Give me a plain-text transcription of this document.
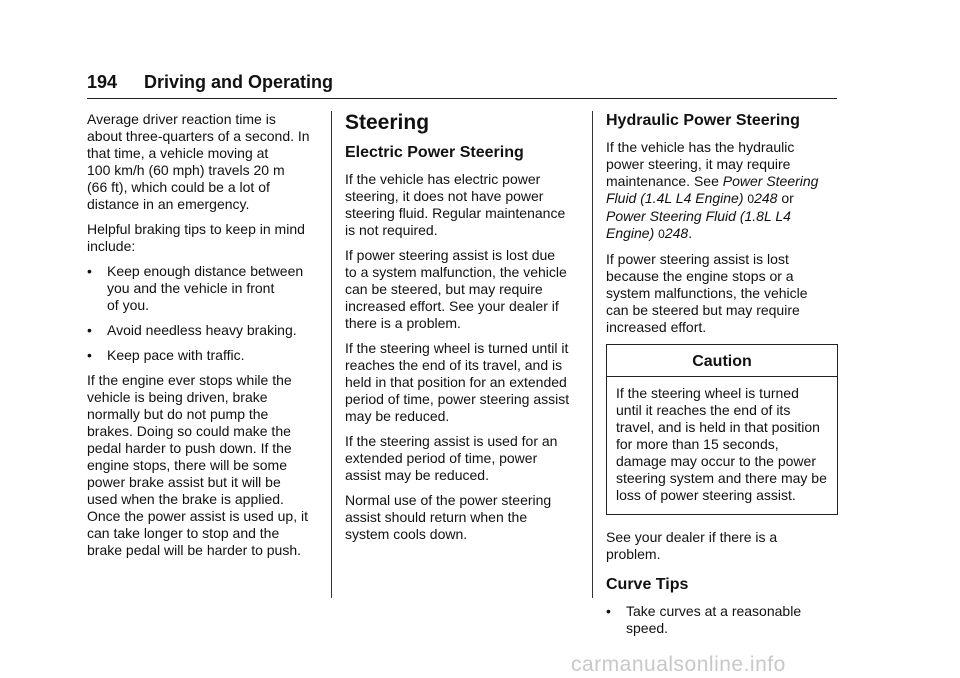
194 Driving and Operating

Average driver reaction time is
about three-quarters of a second. In
that time, a vehicle moving at
100 km/h (60 mph) travels 20 m
(66 ft), which could be a lot of
distance in an emergency.

Helpful braking tips to keep in mind
include:

• Keep enough distance between
you and the vehicle in front
of you.
• Avoid needless heavy braking.
• Keep pace with traffic.

If the engine ever stops while the
vehicle is being driven, brake
normally but do not pump the
brakes. Doing so could make the
pedal harder to push down. If the
engine stops, there will be some
power brake assist but it will be
used when the brake is applied.
Once the power assist is used up, it
can take longer to stop and the
brake pedal will be harder to push.

Steering
Electric Power Steering

If the vehicle has electric power
steering, it does not have power
steering fluid. Regular maintenance
is not required.

If power steering assist is lost due
to a system malfunction, the vehicle
can be steered, but may require
increased effort. See your dealer if
there is a problem.

If the steering wheel is turned until it
reaches the end of its travel, and is
held in that position for an extended
period of time, power steering assist
may be reduced.

If the steering assist is used for an
extended period of time, power
assist may be reduced.

Normal use of the power steering
assist should return when the
system cools down.

Hydraulic Power Steering

If the vehicle has the hydraulic
power steering, it may require
maintenance. See Power Steering
Fluid (1.4L L4 Engine) 0248 or
Power Steering Fluid (1.8L L4
Engine) 0248.

If power steering assist is lost
because the engine stops or a
system malfunctions, the vehicle
can be steered but may require
increased effort.

Caution
If the steering wheel is turned
until it reaches the end of its
travel, and is held in that position
for more than 15 seconds,
damage may occur to the power
steering system and there may be
loss of power steering assist.

See your dealer if there is a
problem.

Curve Tips
• Take curves at a reasonable
speed.
carmanualsonline.info
